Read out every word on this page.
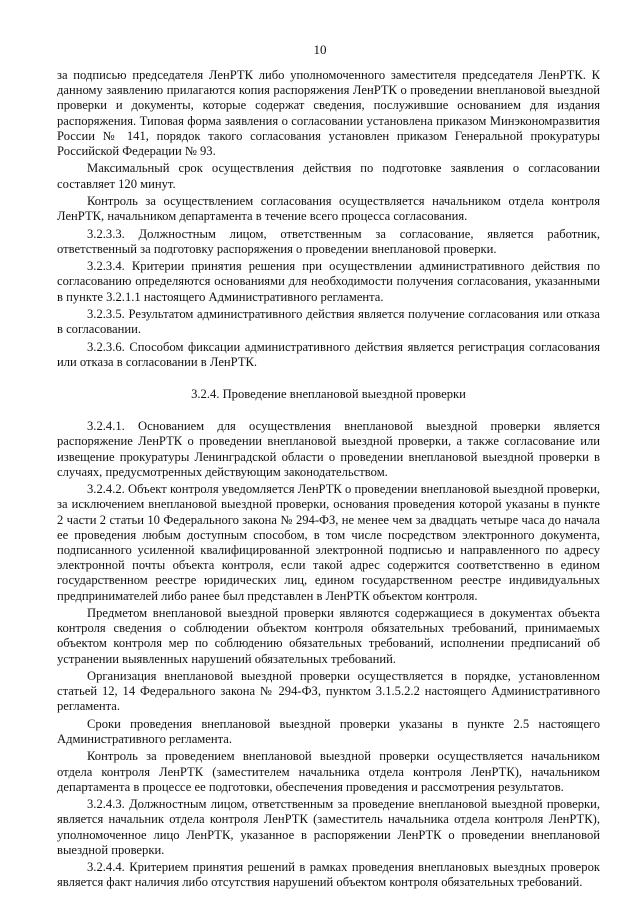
10

за подписью председателя ЛенРТК либо уполномоченного заместителя председателя ЛенРТК. К данному заявлению прилагаются копия распоряжения ЛенРТК о проведении внеплановой выездной проверки и документы, которые содержат сведения, послужившие основанием для издания распоряжения. Типовая форма заявления о согласовании установлена приказом Минэкономразвития России № 141, порядок такого согласования установлен приказом Генеральной прокуратуры Российской Федерации № 93.

Максимальный срок осуществления действия по подготовке заявления о согласовании составляет 120 минут.

Контроль за осуществлением согласования осуществляется начальником отдела контроля ЛенРТК, начальником департамента в течение всего процесса согласования.

3.2.3.3. Должностным лицом, ответственным за согласование, является работник, ответственный за подготовку распоряжения о проведении внеплановой проверки.

3.2.3.4. Критерии принятия решения при осуществлении административного действия по согласованию определяются основаниями для необходимости получения согласования, указанными в пункте 3.2.1.1 настоящего Административного регламента.

3.2.3.5. Результатом административного действия является получение согласования или отказа в согласовании.

3.2.3.6. Способом фиксации административного действия является регистрация согласования или отказа в согласовании в ЛенРТК.

3.2.4. Проведение внеплановой выездной проверки

3.2.4.1. Основанием для осуществления внеплановой выездной проверки является распоряжение ЛенРТК о проведении внеплановой выездной проверки, а также согласование или извещение прокуратуры Ленинградской области о проведении внеплановой выездной проверки в случаях, предусмотренных действующим законодательством.

3.2.4.2. Объект контроля уведомляется ЛенРТК о проведении внеплановой выездной проверки, за исключением внеплановой выездной проверки, основания проведения которой указаны в пункте 2 части 2 статьи 10 Федерального закона № 294-ФЗ, не менее чем за двадцать четыре часа до начала ее проведения любым доступным способом, в том числе посредством электронного документа, подписанного усиленной квалифицированной электронной подписью и направленного по адресу электронной почты объекта контроля, если такой адрес содержится соответственно в едином государственном реестре юридических лиц, едином государственном реестре индивидуальных предпринимателей либо ранее был представлен в ЛенРТК объектом контроля.

Предметом внеплановой выездной проверки являются содержащиеся в документах объекта контроля сведения о соблюдении объектом контроля обязательных требований, принимаемых объектом контроля мер по соблюдению обязательных требований, исполнении предписаний об устранении выявленных нарушений обязательных требований.

Организация внеплановой выездной проверки осуществляется в порядке, установленном статьей 12, 14 Федерального закона № 294-ФЗ, пунктом 3.1.5.2.2 настоящего Административного регламента.

Сроки проведения внеплановой выездной проверки указаны в пункте 2.5 настоящего Административного регламента.

Контроль за проведением внеплановой выездной проверки осуществляется начальником отдела контроля ЛенРТК (заместителем начальника отдела контроля ЛенРТК), начальником департамента в процессе ее подготовки, обеспечения проведения и рассмотрения результатов.

3.2.4.3. Должностным лицом, ответственным за проведение внеплановой выездной проверки, является начальник отдела контроля ЛенРТК (заместитель начальника отдела контроля ЛенРТК), уполномоченное лицо ЛенРТК, указанное в распоряжении ЛенРТК о проведении внеплановой выездной проверки.

3.2.4.4. Критерием принятия решений в рамках проведения внеплановых выездных проверок является факт наличия либо отсутствия нарушений объектом контроля обязательных требований.
